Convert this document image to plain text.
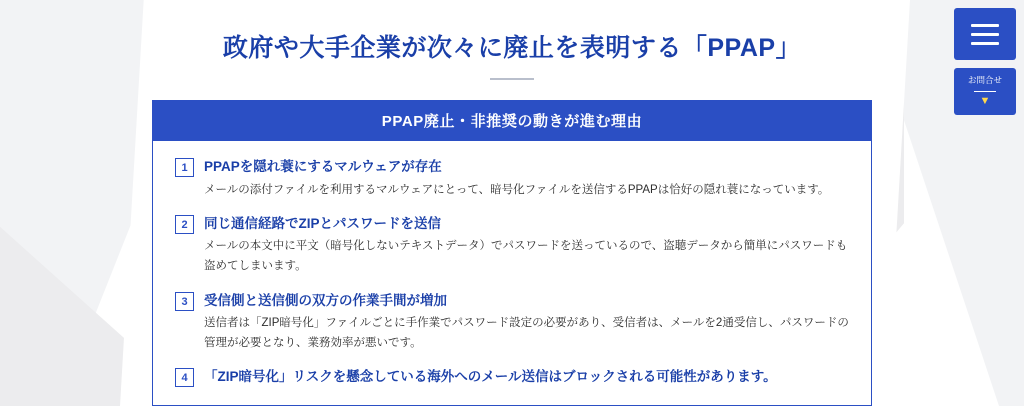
政府や大手企業が次々に廃止を表明する「PPAP」
PPAP廃止・非推奨の動きが進む理由
1	PPAPを隠れ蓑にするマルウェアが存在
メールの添付ファイルを利用するマルウェアにとって、暗号化ファイルを送信するPPAPは恰好の隠れ蓑になっています。
2	同じ通信経路でZIPとパスワードを送信
メールの本文中に平文（暗号化しないテキストデータ）でパスワードを送っているので、盗聴データから簡単にパスワードも盗めてしまいます。
3	受信側と送信側の双方の作業手間が増加
送信者は「ZIP暗号化」ファイルごとに手作業でパスワード設定の必要があり、受信者は、メールを2通受信し、パスワードの管理が必要となり、業務効率が悪いです。
4	「ZIP暗号化」リスクを懸念している海外へのメール送信はブロックされる可能性があります。
お問合せ
▼
